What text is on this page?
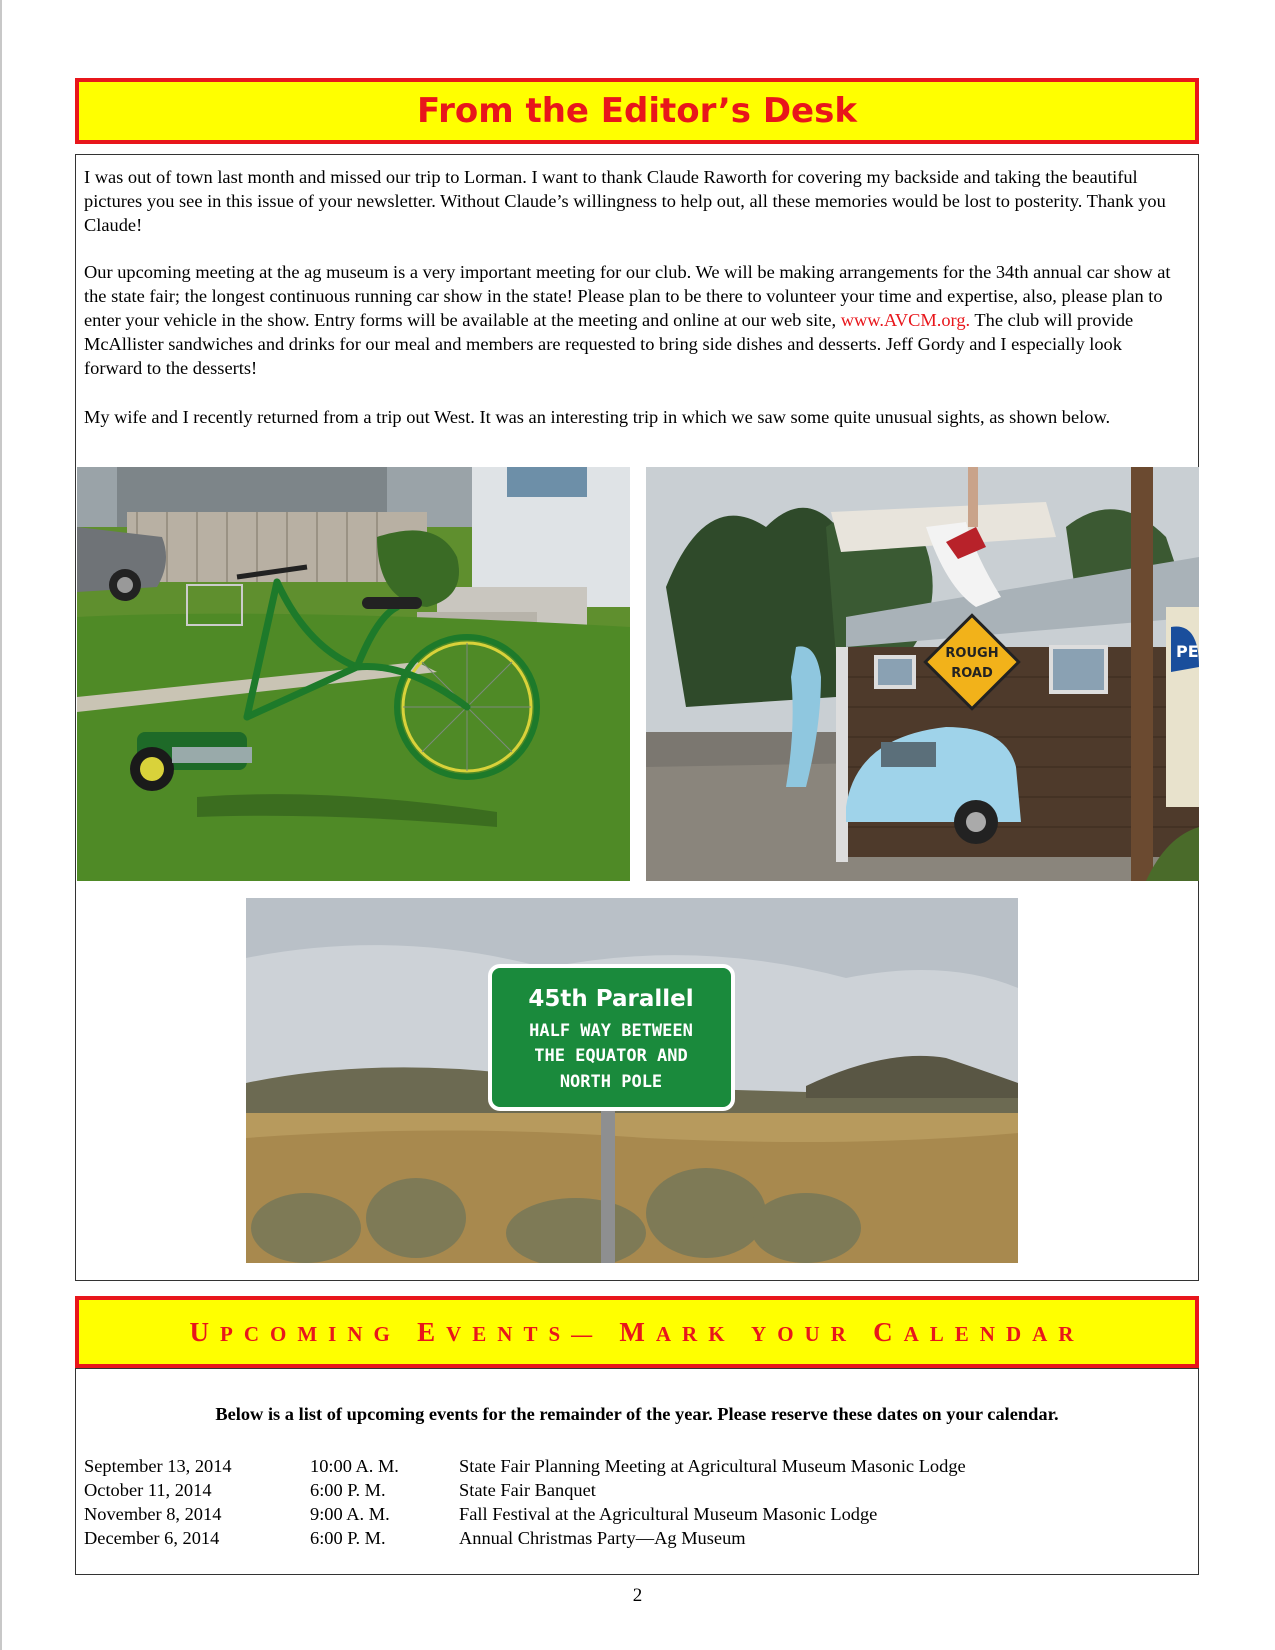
From the Editor’s Desk

I was out of town last month and missed our trip to Lorman. I want to thank Claude Raworth for covering my backside and taking the beautiful pictures you see in this issue of your newsletter. Without Claude’s willingness to help out, all these memories would be lost to posterity. Thank you Claude!

Our upcoming meeting at the ag museum is a very important meeting for our club. We will be making arrangements for the 34th annual car show at the state fair; the longest continuous running car show in the state! Please plan to be there to volunteer your time and expertise, also, please plan to enter your vehicle in the show. Entry forms will be available at the meeting and online at our web site, www.AVCM.org. The club will provide McAllister sandwiches and drinks for our meal and members are requested to bring side dishes and desserts. Jeff Gordy and I especially look forward to the desserts!

My wife and I recently returned from a trip out West. It was an interesting trip in which we saw some quite unusual sights, as shown below.

ROUGH
ROAD
PE
45th Parallel
HALF WAY BETWEEN
THE EQUATOR AND
NORTH POLE
UPCOMING EVENTS— MARK YOUR CALENDAR

Below is a list of upcoming events for the remainder of the year. Please reserve these dates on your calendar.

September 13, 2014	10:00 A. M.	State Fair Planning Meeting at Agricultural Museum Masonic Lodge
October 11, 2014	6:00 P. M.	State Fair Banquet
November 8, 2014	9:00 A. M.	Fall Festival at the Agricultural Museum Masonic Lodge
December 6, 2014	6:00 P. M.	Annual Christmas Party—Ag Museum
2
